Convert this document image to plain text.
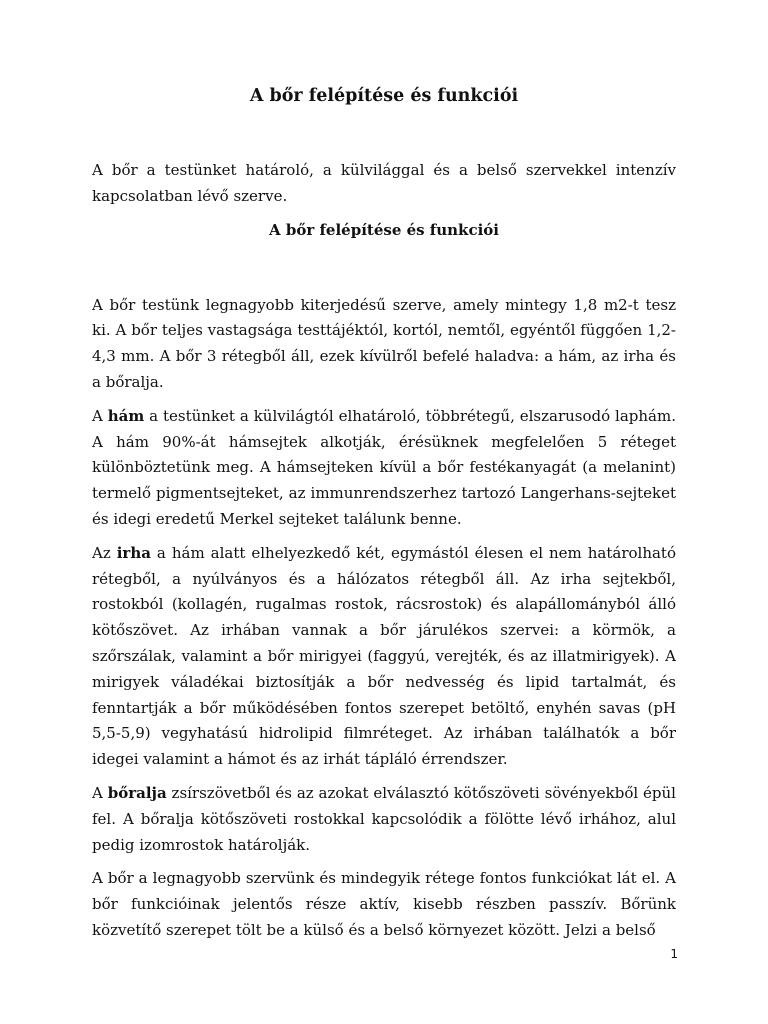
A bőr felépítése és funkciói

A bőr a testünket határoló, a külvilággal és a belső szervekkel intenzív kapcsolatban lévő szerve.

A bőr felépítése és funkciói

A bőr testünk legnagyobb kiterjedésű szerve, amely mintegy 1,8 m2-t tesz ki. A bőr teljes vastagsága testtájéktól, kortól, nemtől, egyéntől függően 1,2-4,3 mm. A bőr 3 rétegből áll, ezek kívülről befelé haladva: a hám, az irha és a bőralja.

A hám a testünket a külvilágtól elhatároló, többrétegű, elszarusodó laphám. A hám 90%-át hámsejtek alkotják, érésüknek megfelelően 5 réteget különböztetünk meg. A hámsejteken kívül a bőr festékanyagát (a melanint) termelő pigmentsejteket, az immunrendszerhez tartozó Langerhans-sejteket és idegi eredetű Merkel sejteket találunk benne.

Az irha a hám alatt elhelyezkedő két, egymástól élesen el nem határolható rétegből, a nyúlványos és a hálózatos rétegből áll. Az irha sejtekből, rostokból (kollagén, rugalmas rostok, rácsrostok) és alapállományból álló kötőszövet. Az irhában vannak a bőr járulékos szervei: a körmök, a szőrszálak, valamint a bőr mirigyei (faggyú, verejték, és az illatmirigyek). A mirigyek váladékai biztosítják a bőr nedvesség és lipid tartalmát, és fenntartják a bőr működésében fontos szerepet betöltő, enyhén savas (pH 5,5-5,9) vegyhatású hidrolipid filmréteget. Az irhában találhatók a bőr idegei valamint a hámot és az irhát tápláló érrendszer.

A bőralja zsírszövetből és az azokat elválasztó kötőszöveti sövényekből épül fel. A bőralja kötőszöveti rostokkal kapcsolódik a fölötte lévő irhához, alul pedig izomrostok határolják.

A bőr a legnagyobb szervünk és mindegyik rétege fontos funkciókat lát el. A bőr funkcióinak jelentős része aktív, kisebb részben passzív. Bőrünk közvetítő szerepet tölt be a külső és a belső környezet között. Jelzi a belső

1
